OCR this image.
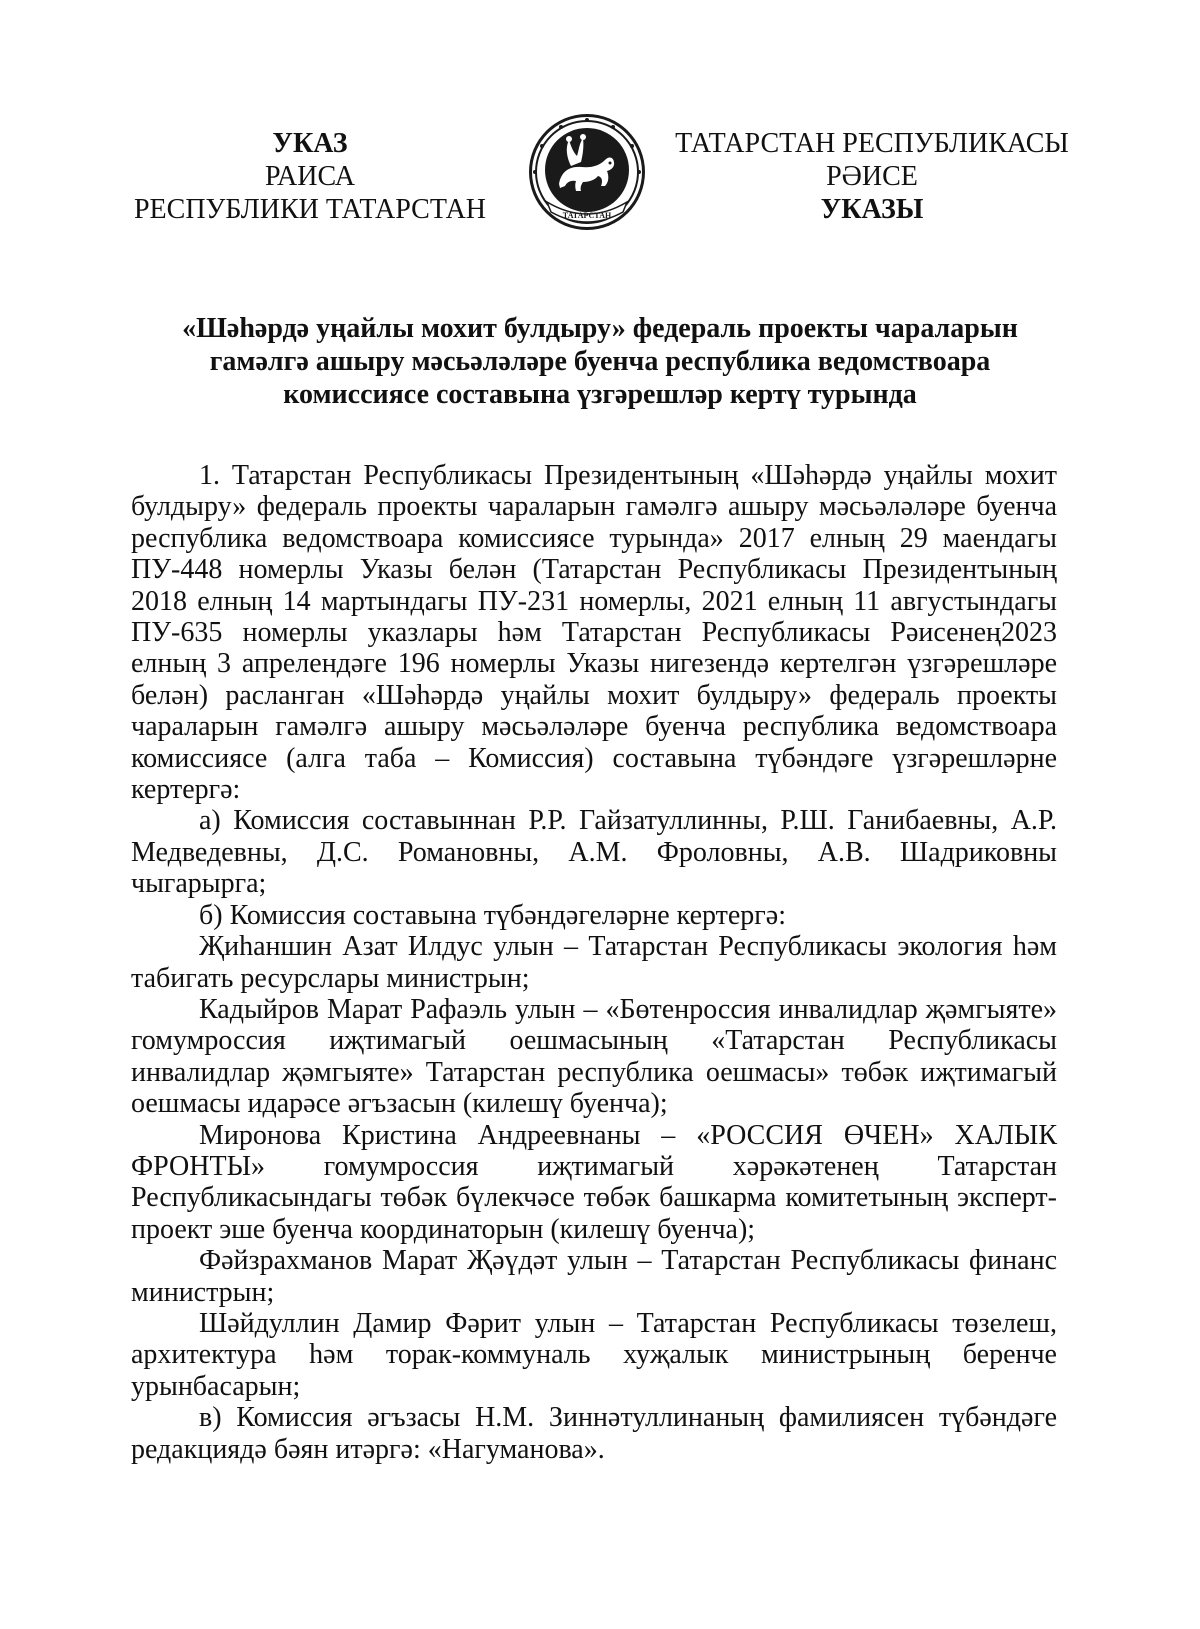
УКАЗ
РАИСА
РЕСПУБЛИКИ ТАТАРСТАН	ТАТАРСТАН
ТАТАРСТАН РЕСПУБЛИКАСЫ
РӘИСЕ
УКАЗЫ
«Шәһәрдә уңайлы мохит булдыру» федераль проекты чараларын
гамәлгә ашыру мәсьәләләре буенча республика ведомствоара
комиссиясе составына үзгәрешләр кертү турында

1. Татарстан Республикасы Президентының «Шәһәрдә уңайлы мохит булдыру» федераль проекты чараларын гамәлгә ашыру мәсьәләләре буенча республика ведомствоара комиссиясе турында» 2017 елның 29 маендагы ПУ-448 номерлы Указы белән (Татарстан Республикасы Президентының 2018 елның 14 мартындагы ПУ-231 номерлы, 2021 елның 11 августындагы ПУ-635 номерлы указлары һәм Татарстан Республикасы Рәисенең2023 елның 3 апрелендәге 196 номерлы Указы нигезендә кертелгән үзгәрешләре белән) расланган «Шәһәрдә уңайлы мохит булдыру» федераль проекты чараларын гамәлгә ашыру мәсьәләләре буенча республика ведомствоара комиссиясе (алга таба – Комиссия) составына түбәндәге үзгәрешләрне кертергә:

а) Комиссия составыннан Р.Р. Гайзатуллинны, Р.Ш. Ганибаевны, А.Р. Медведевны, Д.С. Романовны, А.М. Фроловны, А.В. Шадриковны чыгарырга;

б) Комиссия составына түбәндәгеләрне кертергә:

Җиһаншин Азат Илдус улын – Татарстан Республикасы экология һәм табигать ресурслары министрын;

Кадыйров Марат Рафаэль улын – «Бөтенроссия инвалидлар җәмгыяте» гомумроссия иҗтимагый оешмасының «Татарстан Республикасы инвалидлар җәмгыяте» Татарстан республика оешмасы» төбәк иҗтимагый оешмасы идарәсе әгъзасын (килешү буенча);

Миронова Кристина Андреевнаны – «РОССИЯ ӨЧЕН» ХАЛЫК ФРОНТЫ» гомумроссия иҗтимагый хәрәкәтенең Татарстан Республикасындагы төбәк бүлекчәсе төбәк башкарма комитетының эксперт-проект эше буенча координаторын (килешү буенча);

Фәйзрахманов Марат Җәүдәт улын – Татарстан Республикасы финанс министрын;

Шәйдуллин Дамир Фәрит улын – Татарстан Республикасы төзелеш, архитектура һәм торак-коммуналь хуҗалык министрының беренче урынбасарын;

в) Комиссия әгъзасы Н.М. Зиннәтуллинаның фамилиясен түбәндәге редакциядә бәян итәргә: «Нагуманова».
